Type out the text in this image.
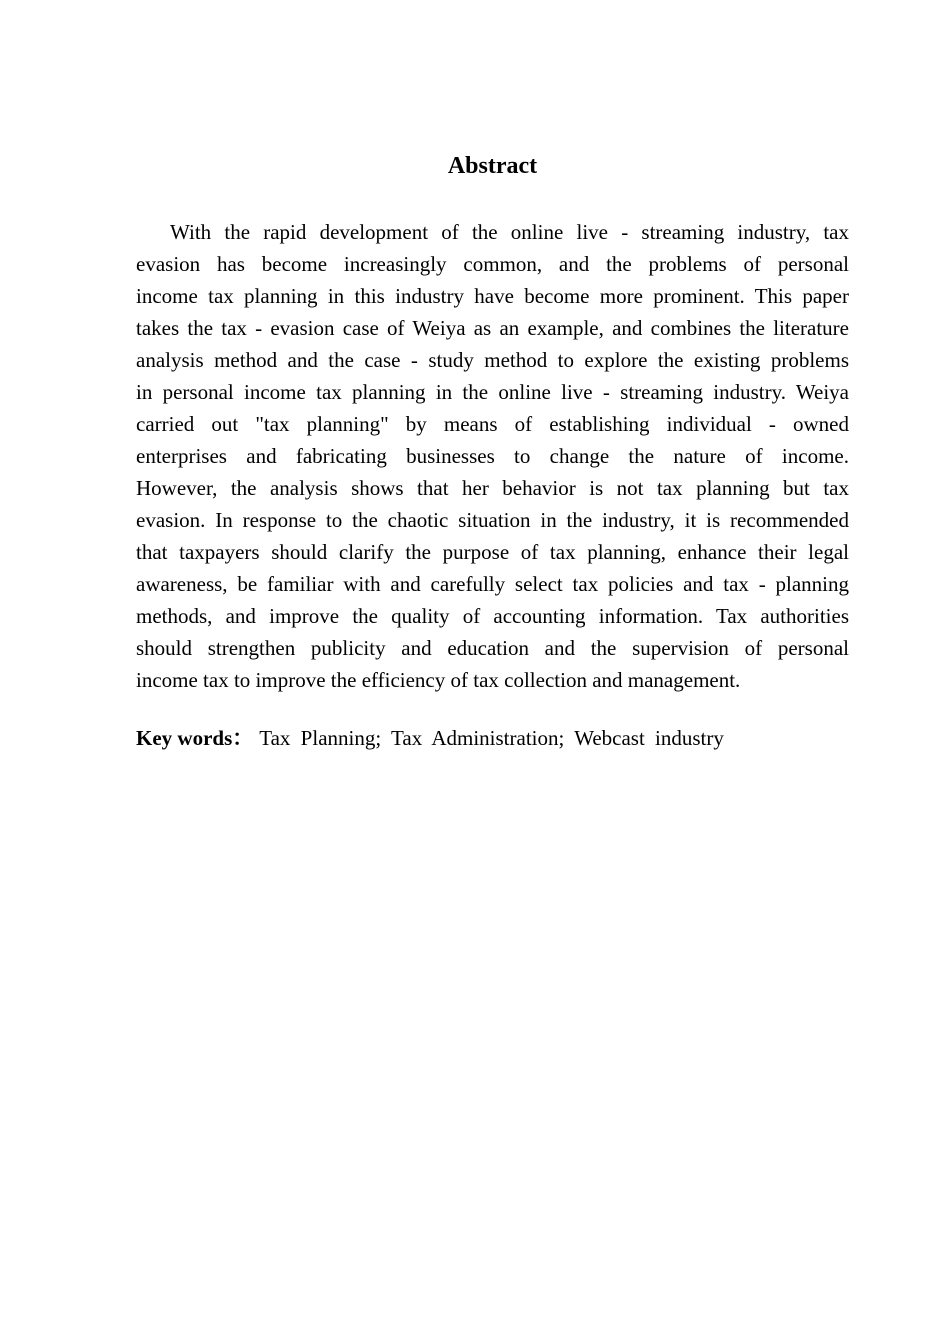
Abstract
With the rapid development of the online live - streaming industry, tax
evasion has become increasingly common, and the problems of personal
income tax planning in this industry have become more prominent. This paper
takes the tax - evasion case of Weiya as an example, and combines the literature
analysis method and the case - study method to explore the existing problems
in personal income tax planning in the online live - streaming industry. Weiya
carried out "tax planning" by means of establishing individual - owned
enterprises and fabricating businesses to change the nature of income.
However, the analysis shows that her behavior is not tax planning but tax
evasion. In response to the chaotic situation in the industry, it is recommended
that taxpayers should clarify the purpose of tax planning, enhance their legal
awareness, be familiar with and carefully select tax policies and tax - planning
methods, and improve the quality of accounting information. Tax authorities
should strengthen publicity and education and the supervision of personal
income tax to improve the efficiency of tax collection and management.
Key words： Tax Planning; Tax Administration; Webcast industry
